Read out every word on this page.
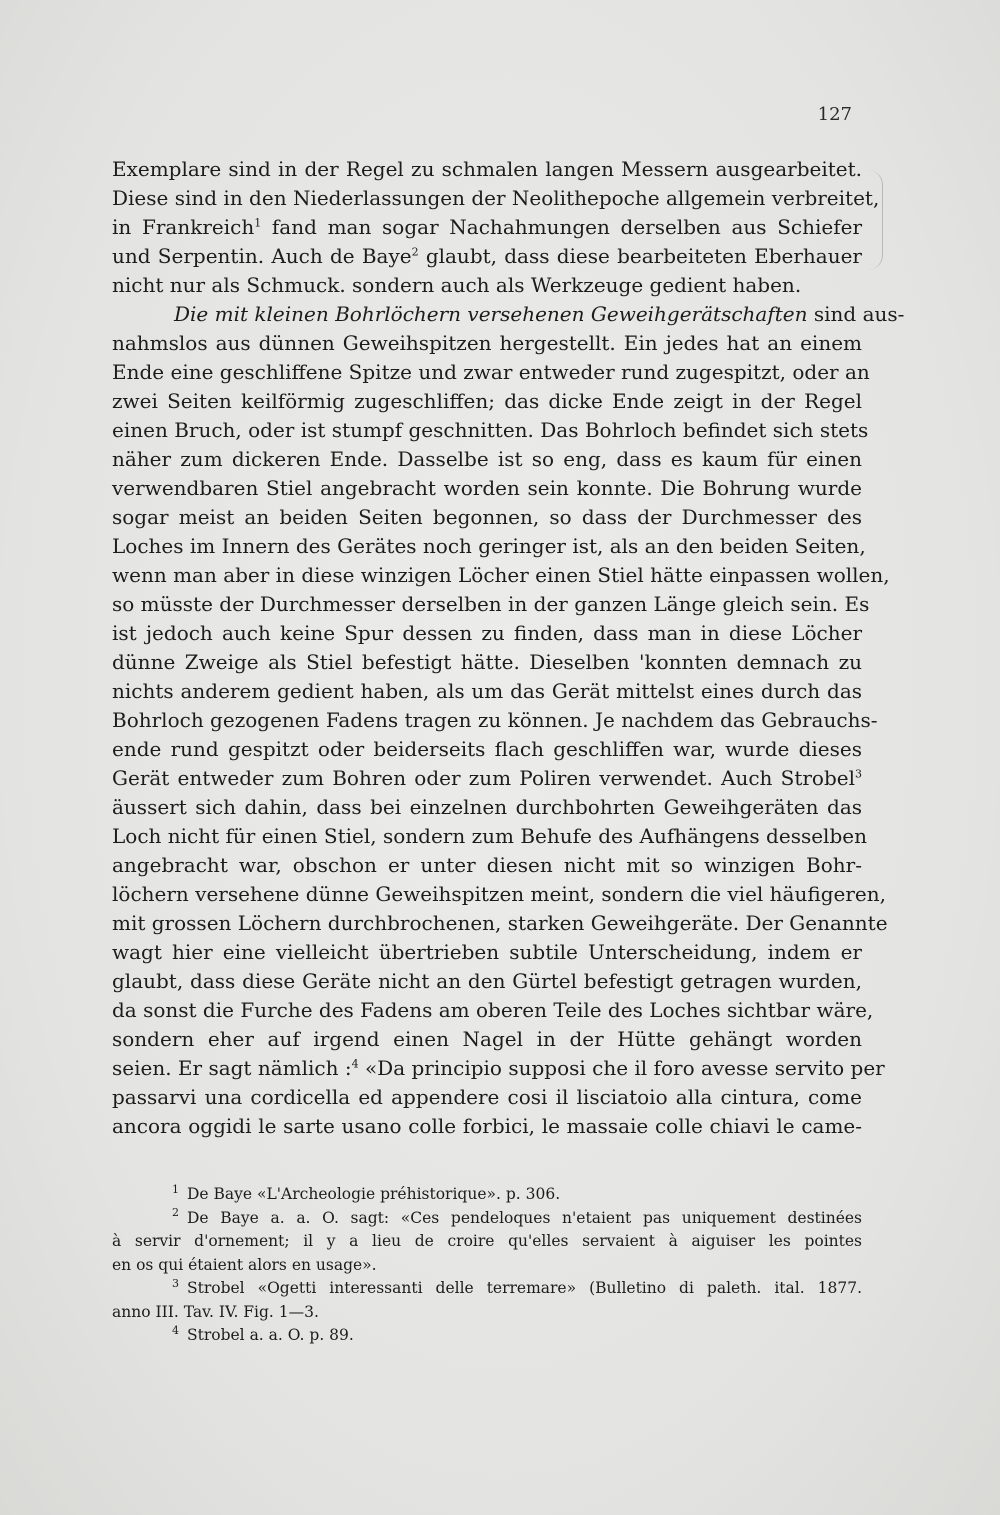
127
Exemplare sind in der Regel zu schmalen langen Messern ausgearbeitet.
Diese sind in den Niederlassungen der Neolithepoche allgemein verbreitet,
in Frankreich$^1$ fand man sogar Nachahmungen derselben aus Schiefer
und Serpentin. Auch de Baye$^2$ glaubt, dass diese bearbeiteten Eberhauer
nicht nur als Schmuck. sondern auch als Werkzeuge gedient haben.
Die mit kleinen Bohrlöchern versehenen Geweihgerätschaften sind aus-
nahmslos aus dünnen Geweihspitzen hergestellt. Ein jedes hat an einem
Ende eine geschliffene Spitze und zwar entweder rund zugespitzt, oder an
zwei Seiten keilförmig zugeschliffen; das dicke Ende zeigt in der Regel
einen Bruch, oder ist stumpf geschnitten. Das Bohrloch befindet sich stets
näher zum dickeren Ende. Dasselbe ist so eng, dass es kaum für einen
verwendbaren Stiel angebracht worden sein konnte. Die Bohrung wurde
sogar meist an beiden Seiten begonnen, so dass der Durchmesser des
Loches im Innern des Gerätes noch geringer ist, als an den beiden Seiten,
wenn man aber in diese winzigen Löcher einen Stiel hätte einpassen wollen,
so müsste der Durchmesser derselben in der ganzen Länge gleich sein. Es
ist jedoch auch keine Spur dessen zu finden, dass man in diese Löcher
dünne Zweige als Stiel befestigt hätte. Dieselben 'konnten demnach zu
nichts anderem gedient haben, als um das Gerät mittelst eines durch das
Bohrloch gezogenen Fadens tragen zu können. Je nachdem das Gebrauchs-
ende rund gespitzt oder beiderseits flach geschliffen war, wurde dieses
Gerät entweder zum Bohren oder zum Poliren verwendet. Auch Strobel$^3$
äussert sich dahin, dass bei einzelnen durchbohrten Geweihgeräten das
Loch nicht für einen Stiel, sondern zum Behufe des Aufhängens desselben
angebracht war, obschon er unter diesen nicht mit so winzigen Bohr-
löchern versehene dünne Geweihspitzen meint, sondern die viel häufigeren,
mit grossen Löchern durchbrochenen, starken Geweihgeräte. Der Genannte
wagt hier eine vielleicht übertrieben subtile Unterscheidung, indem er
glaubt, dass diese Geräte nicht an den Gürtel befestigt getragen wurden,
da sonst die Furche des Fadens am oberen Teile des Loches sichtbar wäre,
sondern eher auf irgend einen Nagel in der Hütte gehängt worden
seien. Er sagt nämlich :$^4$ «Da principio supposi che il foro avesse servito per
passarvi una cordicella ed appendere cosi il lisciatoio alla cintura, come
ancora oggidi le sarte usano colle forbici, le massaie colle chiavi le came-
$^1$ De Baye «L'Archeologie préhistorique». p. 306.
$^2$ De Baye a. a. O. sagt: «Ces pendeloques n'etaient pas uniquement destinées
à servir d'ornement; il y a lieu de croire qu'elles servaient à aiguiser les pointes
en os qui étaient alors en usage».
$^3$ Strobel «Ogetti interessanti delle terremare» (Bulletino di paleth. ital. 1877.
anno III. Tav. IV. Fig. 1—3.
$^4$ Strobel a. a. O. p. 89.
